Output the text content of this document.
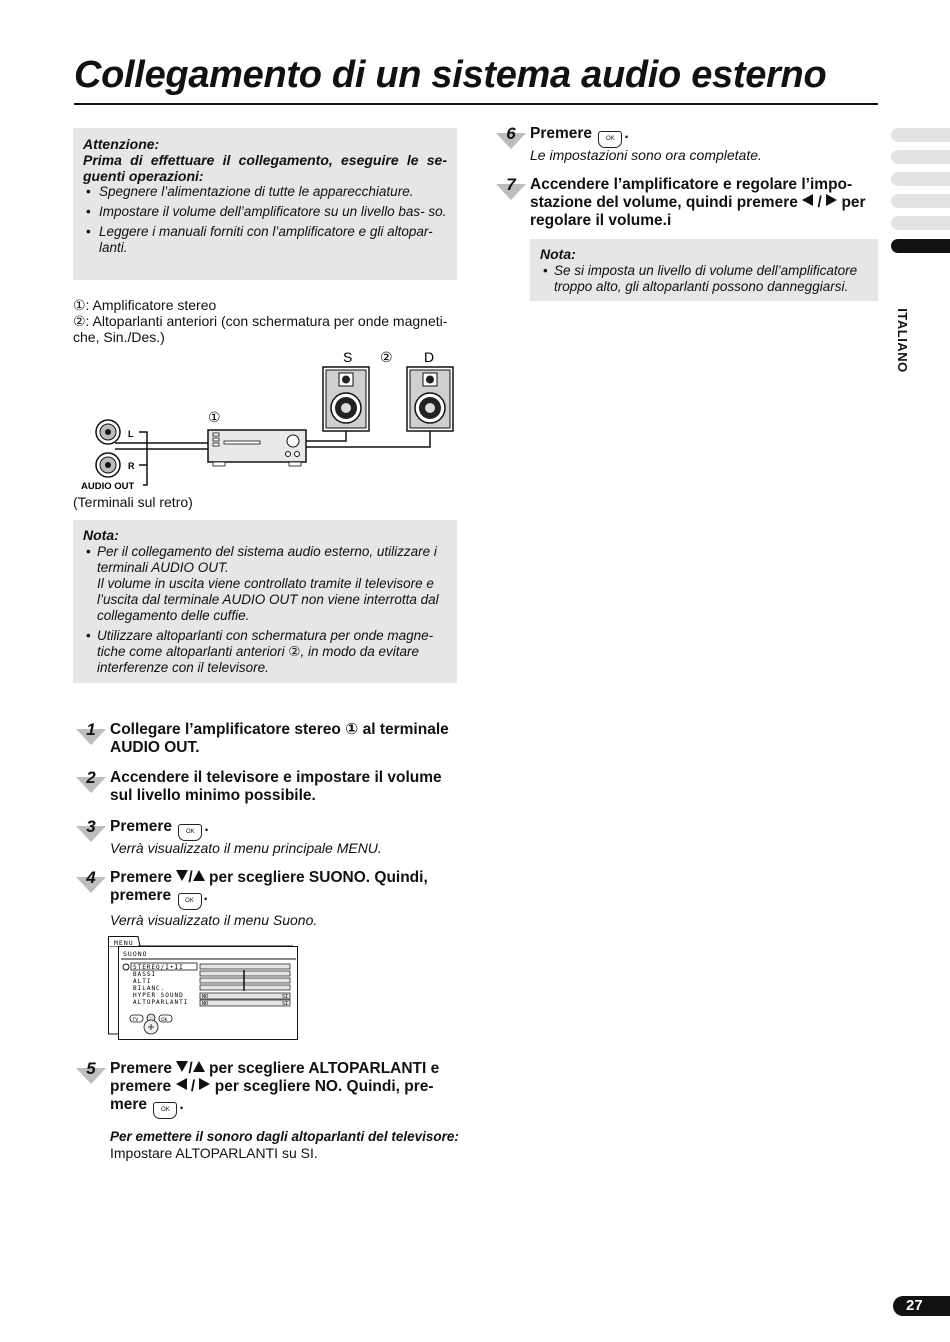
Collegamento di un sistema audio esterno
Attenzione:
Prima di effettuare il collegamento, eseguire le se- guenti operazioni:
• Spegnere l’alimentazione di tutte le apparecchiature.
• Impostare il volume dell’amplificatore su un livello bas- so.
• Leggere i manuali forniti con l’amplificatore e gli altopar- lanti.
①: Amplificatore stereo
②: Altoparlanti anteriori (con schermatura per onde magneti- che, Sin./Des.)
S ② D
①
L
R
AUDIO OUT
(Terminali sul retro)
Nota:
• Per il collegamento del sistema audio esterno, utilizzare i terminali AUDIO OUT.
Il volume in uscita viene controllato tramite il televisore e l’uscita dal terminale AUDIO OUT non viene interrotta dal collegamento delle cuffie.
• Utilizzare altoparlanti con schermatura per onde magne- tiche come altoparlanti anteriori ②, in modo da evitare interferenze con il televisore.
1 Collegare l’amplificatore stereo ① al terminale AUDIO OUT.
2 Accendere il televisore e impostare il volume sul livello minimo possibile.
3 Premere OK .
Verrà visualizzato il menu principale MENU.
4 Premere / per scegliere SUONO. Quindi, premere OK .
Verrà visualizzato il menu Suono.
MENU
SUONO
STEREO/I•II
BASSI
ALTI
BILANC.
HYPER SOUND
ALTOPARLANTI
NO	SI
NO	SI
TV	OK
5 Premere / per scegliere ALTOPARLANTI e premere / per scegliere NO. Quindi, pre- mere OK .
Per emettere il sonoro dagli altoparlanti del televisore:
Impostare ALTOPARLANTI su SI.
6 Premere OK .
Le impostazioni sono ora completate.
7 Accendere l’amplificatore e regolare l’impo- stazione del volume, quindi premere / per regolare il volume.i
Nota:
• Se si imposta un livello di volume dell’amplificatore troppo alto, gli altoparlanti possono danneggiarsi.
ITALIANO
27
